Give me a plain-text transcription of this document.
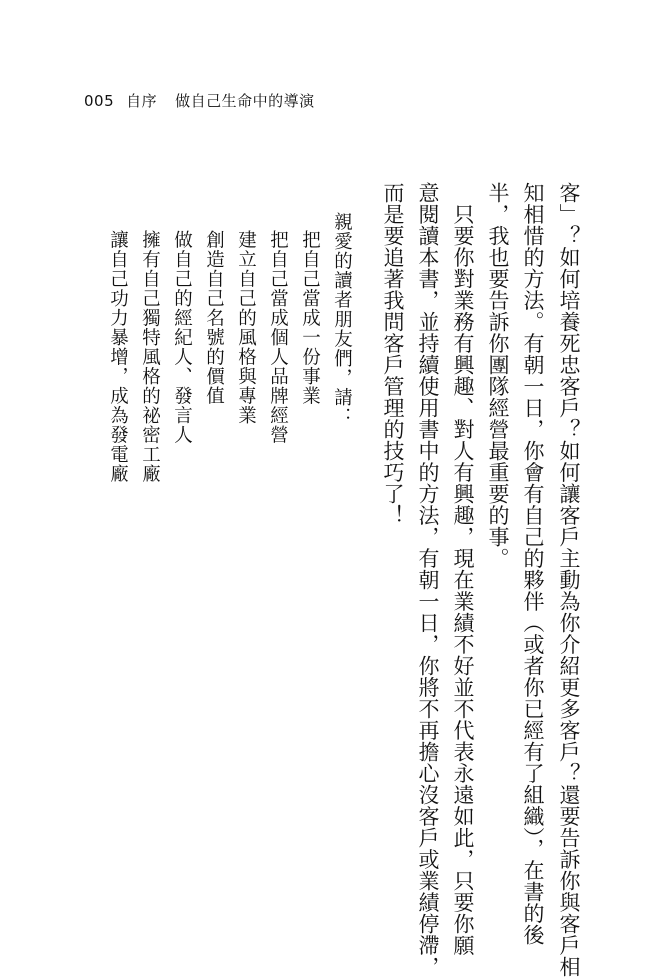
005 自序 做自己生命中的導演
客」？如何培養死忠客戶？如何讓客戶主動為你介紹更多客戶？還要告訴你與客戶相
知相惜的方法。有朝一日，你會有自己的夥伴（或者你已經有了組織），在書的後
半，我也要告訴你團隊經營最重要的事。
　只要你對業務有興趣、對人有興趣，現在業績不好並不代表永遠如此，只要你願
意閱讀本書，並持續使用書中的方法，有朝一日，你將不再擔心沒客戶或業績停滯，
而是要追著我問客戶管理的技巧了！
親愛的讀者朋友們，請：
把自己當成一份事業
把自己當成個人品牌經營
建立自己的風格與專業
創造自己名號的價值
做自己的經紀人、發言人
擁有自己獨特風格的祕密工廠
讓自己功力暴增，成為發電廠
